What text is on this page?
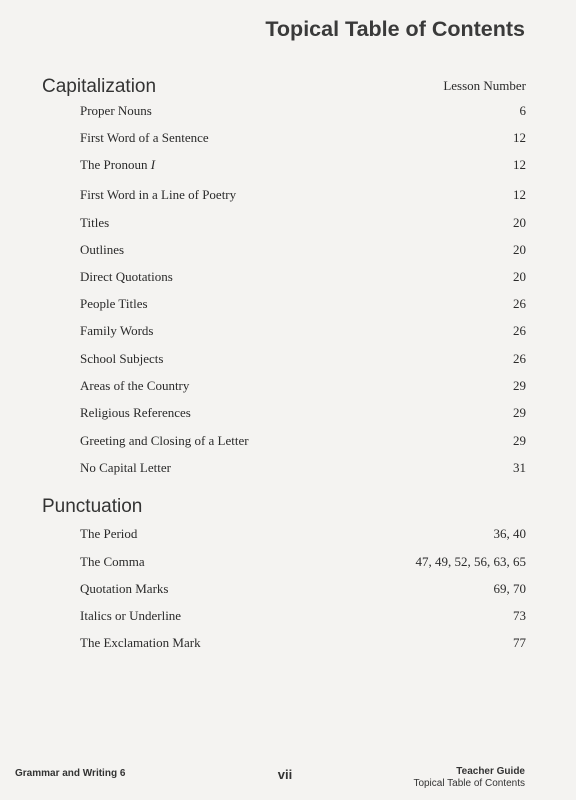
Topical Table of Contents
Capitalization	Lesson Number
Proper Nouns	6
First Word of a Sentence	12
The Pronoun I	12
First Word in a Line of Poetry	12
Titles	20
Outlines	20
Direct Quotations	20
People Titles	26
Family Words	26
School Subjects	26
Areas of the Country	29
Religious References	29
Greeting and Closing of a Letter	29
No Capital Letter	31
Punctuation
The Period	36, 40
The Comma	47, 49, 52, 56, 63, 65
Quotation Marks	69, 70
Italics or Underline	73
The Exclamation Mark	77
Grammar and Writing 6	vii	Teacher Guide
Topical Table of Contents
